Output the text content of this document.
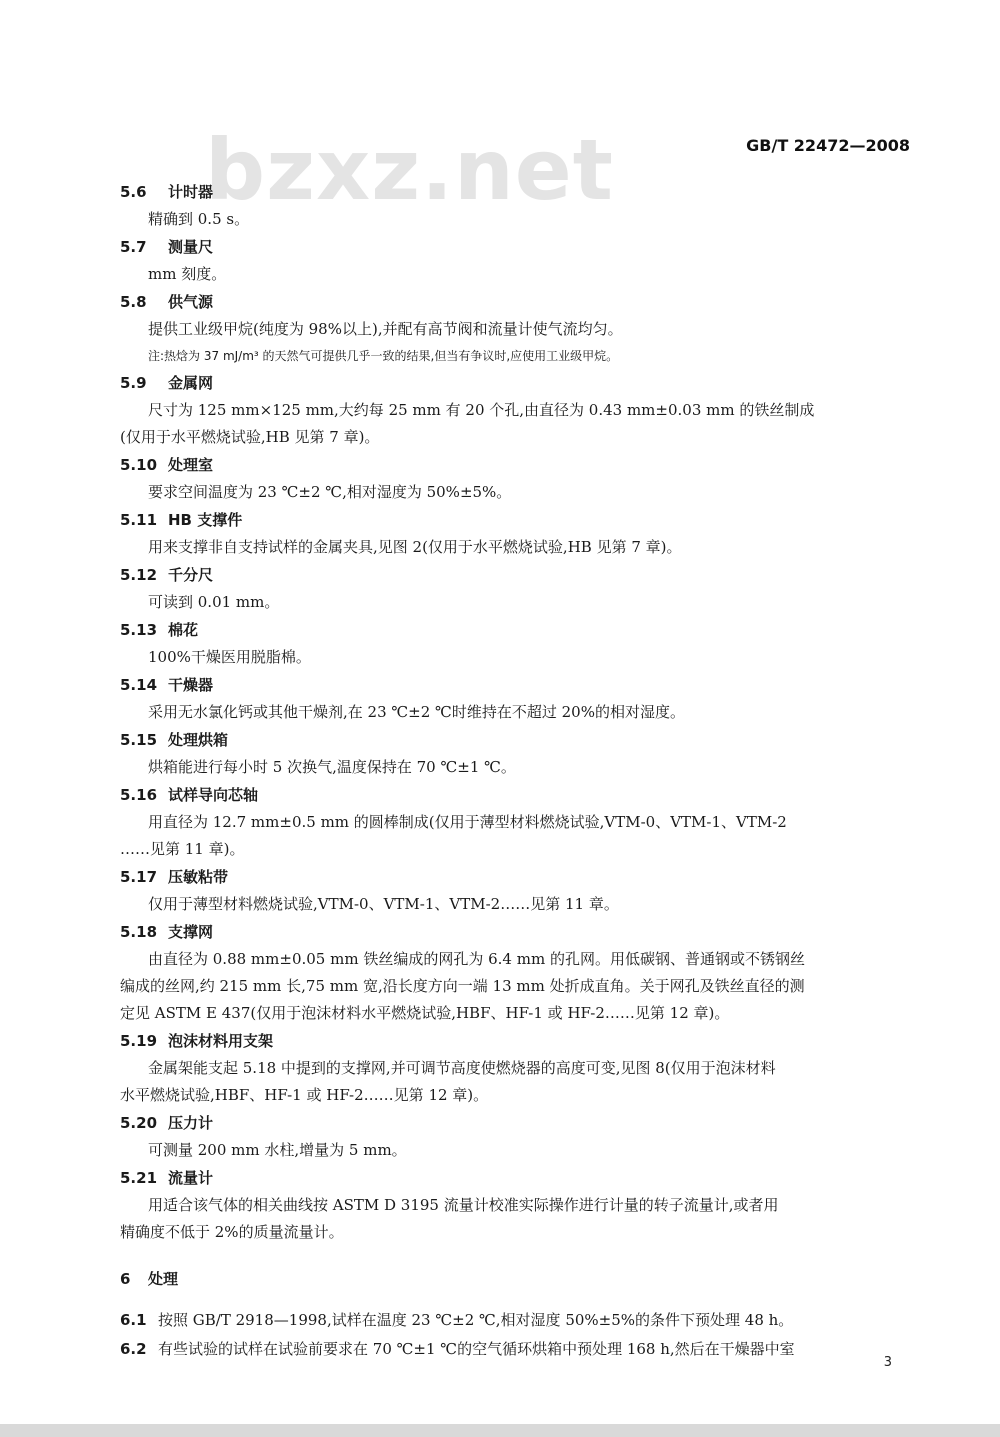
bzxz.net	GB/T 22472—2008
5.6 计时器
精确到 0.5 s。
5.7 测量尺
mm 刻度。
5.8 供气源
提供工业级甲烷(纯度为 98%以上),并配有高节阀和流量计使气流均匀。
注:热焓为 37 mJ/m³ 的天然气可提供几乎一致的结果,但当有争议时,应使用工业级甲烷。
5.9 金属网
尺寸为 125 mm×125 mm,大约每 25 mm 有 20 个孔,由直径为 0.43 mm±0.03 mm 的铁丝制成
(仅用于水平燃烧试验,HB 见第 7 章)。
5.10 处理室
要求空间温度为 23 ℃±2 ℃,相对湿度为 50%±5%。
5.11 HB 支撑件
用来支撑非自支持试样的金属夹具,见图 2(仅用于水平燃烧试验,HB 见第 7 章)。
5.12 千分尺
可读到 0.01 mm。
5.13 棉花
100%干燥医用脱脂棉。
5.14 干燥器
采用无水氯化钙或其他干燥剂,在 23 ℃±2 ℃时维持在不超过 20%的相对湿度。
5.15 处理烘箱
烘箱能进行每小时 5 次换气,温度保持在 70 ℃±1 ℃。
5.16 试样导向芯轴
用直径为 12.7 mm±0.5 mm 的圆棒制成(仅用于薄型材料燃烧试验,VTM-0、VTM-1、VTM-2
……见第 11 章)。
5.17 压敏粘带
仅用于薄型材料燃烧试验,VTM-0、VTM-1、VTM-2……见第 11 章。
5.18 支撑网
由直径为 0.88 mm±0.05 mm 铁丝编成的网孔为 6.4 mm 的孔网。用低碳钢、普通钢或不锈钢丝
编成的丝网,约 215 mm 长,75 mm 宽,沿长度方向一端 13 mm 处折成直角。关于网孔及铁丝直径的测
定见 ASTM E 437(仅用于泡沫材料水平燃烧试验,HBF、HF-1 或 HF-2……见第 12 章)。
5.19 泡沫材料用支架
金属架能支起 5.18 中提到的支撑网,并可调节高度使燃烧器的高度可变,见图 8(仅用于泡沫材料
水平燃烧试验,HBF、HF-1 或 HF-2……见第 12 章)。
5.20 压力计
可测量 200 mm 水柱,增量为 5 mm。
5.21 流量计
用适合该气体的相关曲线按 ASTM D 3195 流量计校准实际操作进行计量的转子流量计,或者用
精确度不低于 2%的质量流量计。
6 处理
6.1 按照 GB/T 2918—1998,试样在温度 23 ℃±2 ℃,相对湿度 50%±5%的条件下预处理 48 h。
6.2 有些试验的试样在试验前要求在 70 ℃±1 ℃的空气循环烘箱中预处理 168 h,然后在干燥器中室
3
